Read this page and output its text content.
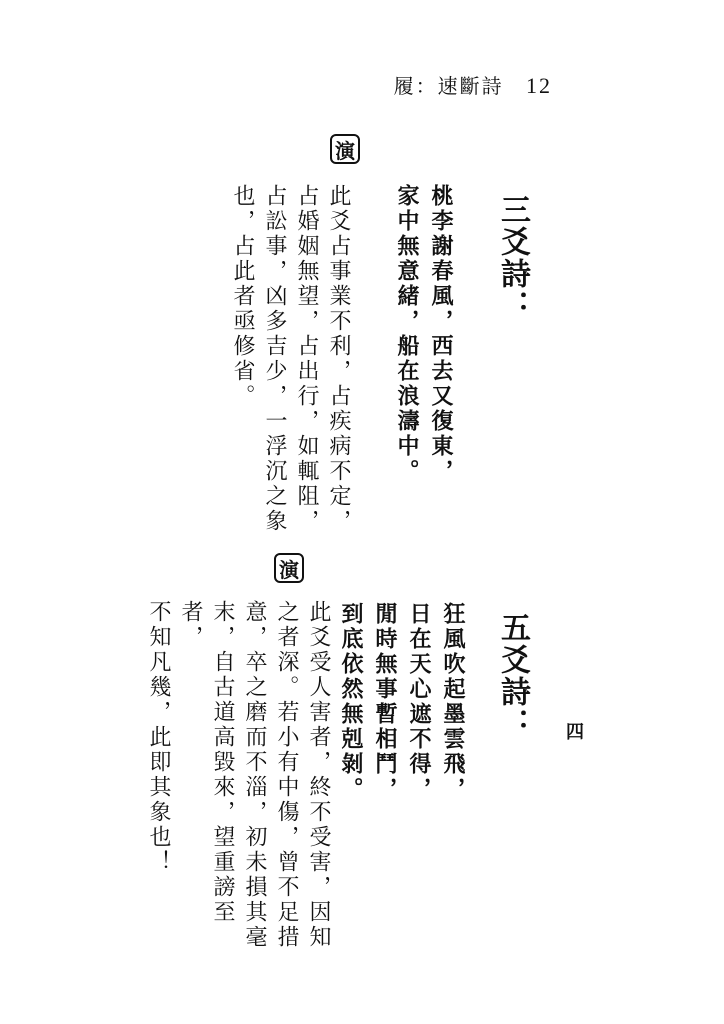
履：速斷詩 12
三爻詩：
桃李謝春風，西去又復東，
家中無意緒，船在浪濤中。
演
此爻占事業不利，占疾病不定，
占婚姻無望，占出行，如輒阻，
占訟事，凶多吉少，一浮沉之象
也，占此者亟修省。
五爻詩：
狂風吹起墨雲飛，
日在天心遮不得，
閒時無事暫相鬥，
到底依然無剋剝。
演
此爻受人害者，終不受害，因知
之者深。若小有中傷，曾不足措
意，卒之磨而不淄，初未損其毫
末，自古道高毀來，望重謗至者，
不知凡幾，此即其象也！	四
